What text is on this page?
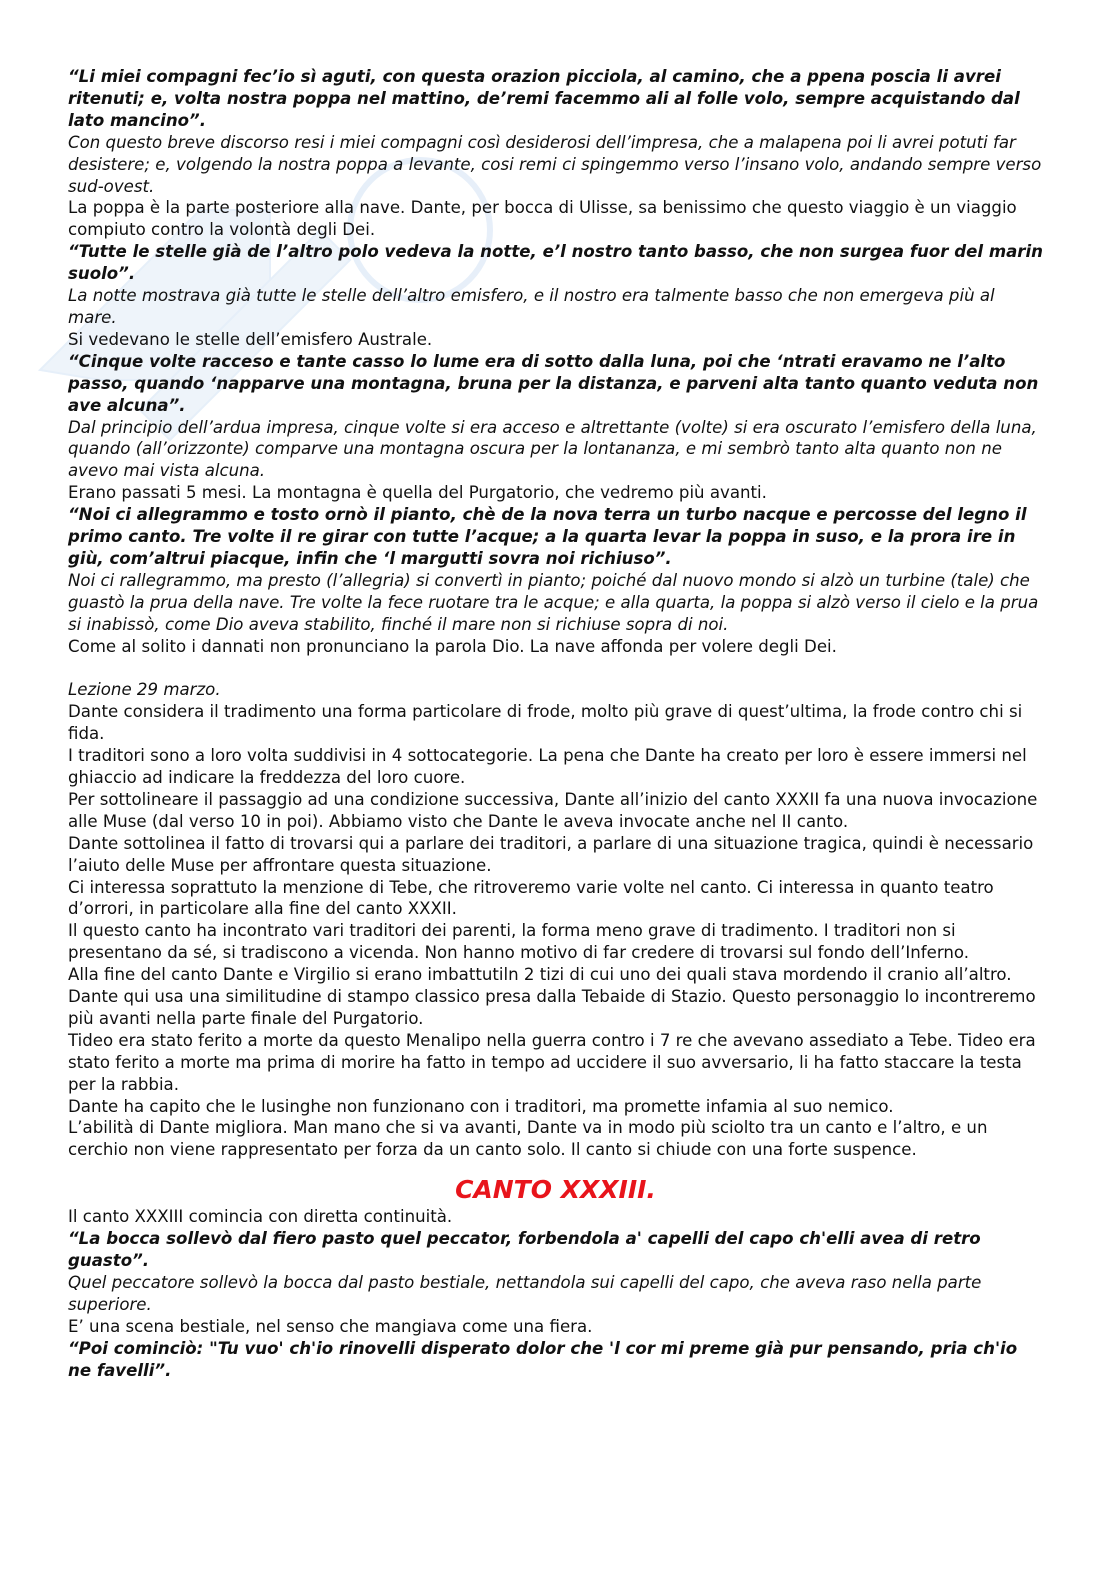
“Li miei compagni fec’io sì aguti, con questa orazion picciola, al camino, che a ppena poscia li avrei ritenuti; e, volta nostra poppa nel mattino, de’remi facemmo ali al folle volo, sempre acquistando dal lato mancino”.

Con questo breve discorso resi i miei compagni così desiderosi dell’impresa, che a malapena poi li avrei potuti far desistere; e, volgendo la nostra poppa a levante, cosi remi ci spingemmo verso l’insano volo, andando sempre verso sud-ovest.

La poppa è la parte posteriore alla nave. Dante, per bocca di Ulisse, sa benissimo che questo viaggio è un viaggio compiuto contro la volontà degli Dei.

“Tutte le stelle già de l’altro polo vedeva la notte, e’l nostro tanto basso, che non surgea fuor del marin suolo”.

La notte mostrava già tutte le stelle dell’altro emisfero, e il nostro era talmente basso che non emergeva più al mare.

Si vedevano le stelle dell’emisfero Australe.

“Cinque volte racceso e tante casso lo lume era di sotto dalla luna, poi che ‘ntrati eravamo ne l’alto passo, quando ‘napparve una montagna, bruna per la distanza, e parveni alta tanto quanto veduta non ave alcuna”.

Dal principio dell’ardua impresa, cinque volte si era acceso e altrettante (volte) si era oscurato l’emisfero della luna, quando (all’orizzonte) comparve una montagna oscura per la lontananza, e mi sembrò tanto alta quanto non ne avevo mai vista alcuna.

Erano passati 5 mesi. La montagna è quella del Purgatorio, che vedremo più avanti.

“Noi ci allegrammo e tosto ornò il pianto, chè de la nova terra un turbo nacque e percosse del legno il primo canto. Tre volte il re girar con tutte l’acque; a la quarta levar la poppa in suso, e la prora ire in giù, com’altrui piacque, infin che ‘l margutti sovra noi richiuso”.

Noi ci rallegrammo, ma presto (l’allegria) si convertì in pianto; poiché dal nuovo mondo si alzò un turbine (tale) che guastò la prua della nave. Tre volte la fece ruotare tra le acque; e alla quarta, la poppa si alzò verso il cielo e la prua si inabissò, come Dio aveva stabilito, finché il mare non si richiuse sopra di noi.

Come al solito i dannati non pronunciano la parola Dio. La nave affonda per volere degli Dei.

Lezione 29 marzo.

Dante considera il tradimento una forma particolare di frode, molto più grave di quest’ultima, la frode contro chi si fida.

I traditori sono a loro volta suddivisi in 4 sottocategorie. La pena che Dante ha creato per loro è essere immersi nel ghiaccio ad indicare la freddezza del loro cuore.

Per sottolineare il passaggio ad una condizione successiva, Dante all’inizio del canto XXXII fa una nuova invocazione alle Muse (dal verso 10 in poi). Abbiamo visto che Dante le aveva invocate anche nel II canto.

Dante sottolinea il fatto di trovarsi qui a parlare dei traditori, a parlare di una situazione tragica, quindi è necessario l’aiuto delle Muse per affrontare questa situazione.

Ci interessa soprattuto la menzione di Tebe, che ritroveremo varie volte nel canto. Ci interessa in quanto teatro d’orrori, in particolare alla fine del canto XXXII.

Il questo canto ha incontrato vari traditori dei parenti, la forma meno grave di tradimento. I traditori non si presentano da sé, si tradiscono a vicenda. Non hanno motivo di far credere di trovarsi sul fondo dell’Inferno.

Alla fine del canto Dante e Virgilio si erano imbattutiln 2 tizi di cui uno dei quali stava mordendo il cranio all’altro.

Dante qui usa una similitudine di stampo classico presa dalla Tebaide di Stazio. Questo personaggio lo incontreremo più avanti nella parte finale del Purgatorio.

Tideo era stato ferito a morte da questo Menalipo nella guerra contro i 7 re che avevano assediato a Tebe. Tideo era stato ferito a morte ma prima di morire ha fatto in tempo ad uccidere il suo avversario, li ha fatto staccare la testa per la rabbia.

Dante ha capito che le lusinghe non funzionano con i traditori, ma promette infamia al suo nemico.

L’abilità di Dante migliora. Man mano che si va avanti, Dante va in modo più sciolto tra un canto e l’altro, e un cerchio non viene rappresentato per forza da un canto solo. Il canto si chiude con una forte suspence.

CANTO XXXIII.

Il canto XXXIII comincia con diretta continuità.

“La bocca sollevò dal fiero pasto quel peccator, forbendola a' capelli del capo ch'elli avea di retro guasto”.

Quel peccatore sollevò la bocca dal pasto bestiale, nettandola sui capelli del capo, che aveva raso nella parte superiore.

E’ una scena bestiale, nel senso che mangiava come una fiera.

“Poi cominciò: "Tu vuo' ch'io rinovelli disperato dolor che 'l cor mi preme già pur pensando, pria ch'io ne favelli”.
